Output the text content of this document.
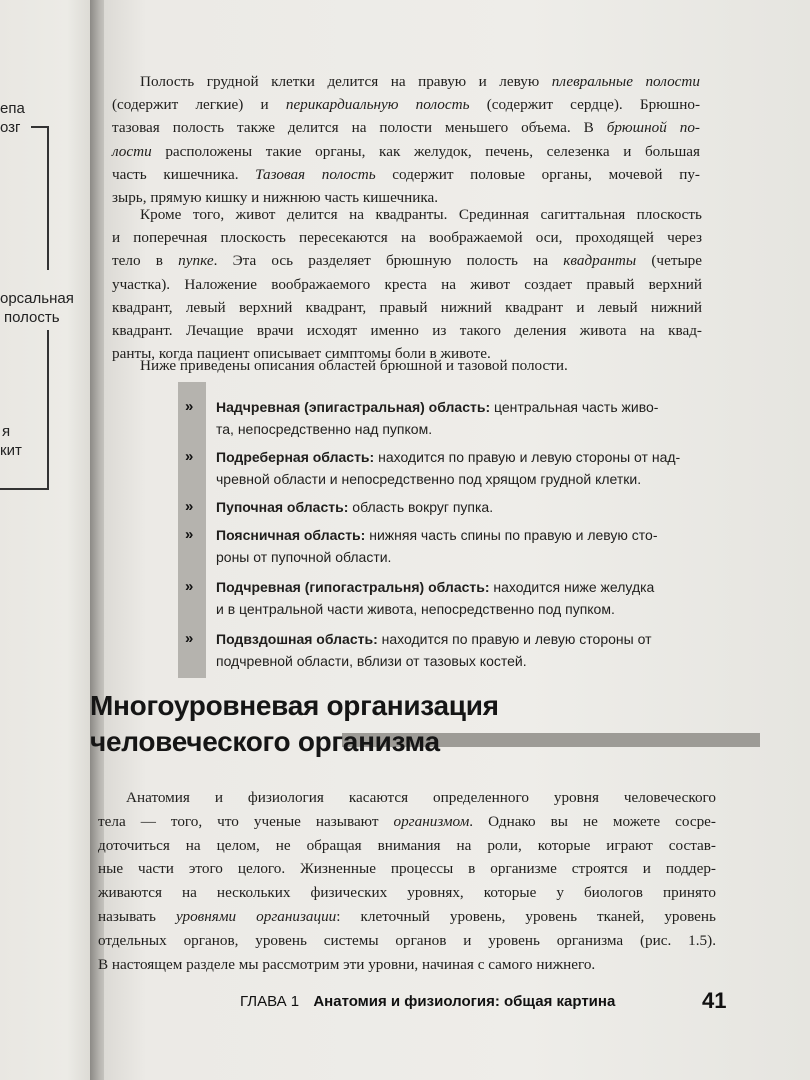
епа
озг
орсальная
полость
я
кит
Полость грудной клетки делится на правую и левую плевральные полости
(содержит легкие) и перикардиальную полость (содержит сердце). Брюшно-
тазовая полость также делится на полости меньшего объема. В брюшной по-
лости расположены такие органы, как желудок, печень, селезенка и большая
часть кишечника. Тазовая полость содержит половые органы, мочевой пу-
зырь, прямую кишку и нижнюю часть кишечника.
Кроме того, живот делится на квадранты. Срединная сагиттальная плоскость
и поперечная плоскость пересекаются на воображаемой оси, проходящей через
тело в пупке. Эта ось разделяет брюшную полость на квадранты (четыре
участка). Наложение воображаемого креста на живот создает правый верхний
квадрант, левый верхний квадрант, правый нижний квадрант и левый нижний
квадрант. Лечащие врачи исходят именно из такого деления живота на квад-
ранты, когда пациент описывает симптомы боли в животе.
Ниже приведены описания областей брюшной и тазовой полости.
» Надчревная (эпигастральная) область: центральная часть живо-
та, непосредственно над пупком.
» Подреберная область: находится по правую и левую стороны от над-
чревной области и непосредственно под хрящом грудной клетки.
» Пупочная область: область вокруг пупка.
» Поясничная область: нижняя часть спины по правую и левую сто-
роны от пупочной области.
» Подчревная (гипогастральня) область: находится ниже желудка
и в центральной части живота, непосредственно под пупком.
» Подвздошная область: находится по правую и левую стороны от
подчревной области, вблизи от тазовых костей.
Многоуровневая организация
человеческого организма
Анатомия и физиология касаются определенного уровня человеческого
тела — того, что ученые называют организмом. Однако вы не можете сосре-
доточиться на целом, не обращая внимания на роли, которые играют состав-
ные части этого целого. Жизненные процессы в организме строятся и поддер-
живаются на нескольких физических уровнях, которые у биологов принято
называть уровнями организации: клеточный уровень, уровень тканей, уровень
отдельных органов, уровень системы органов и уровень организма (рис. 1.5).
В настоящем разделе мы рассмотрим эти уровни, начиная с самого нижнего.
ГЛАВА 1 Анатомия и физиология: общая картина	41
